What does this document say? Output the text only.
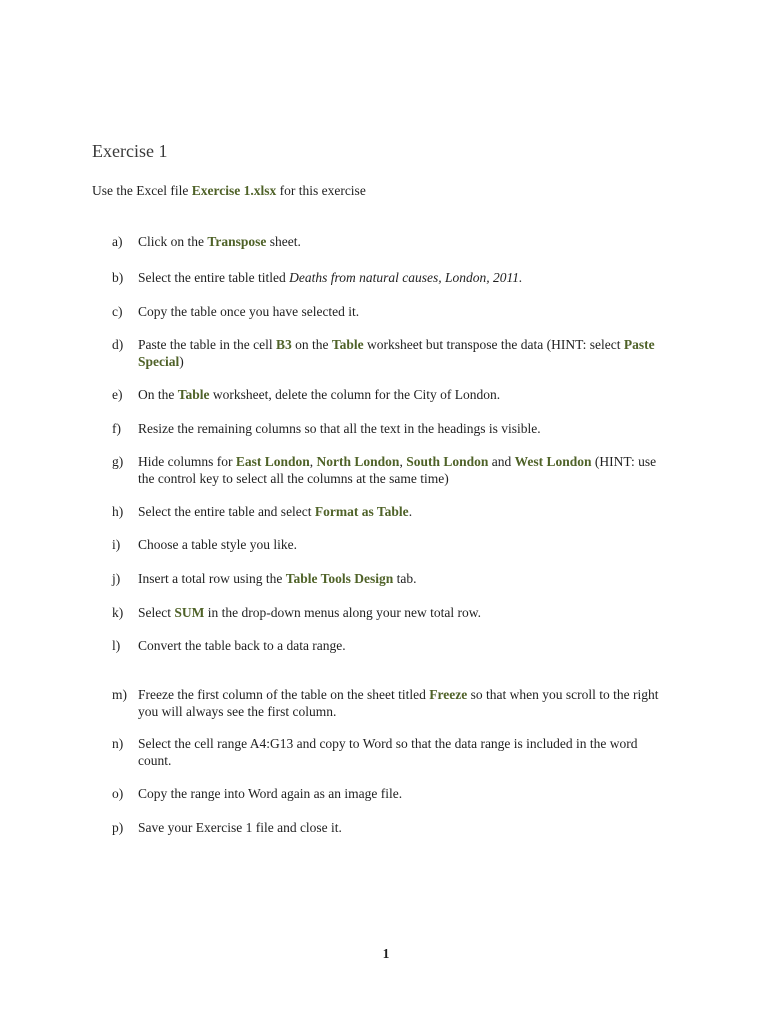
Exercise 1

Use the Excel file Exercise 1.xlsx for this exercise

a)	Click on the Transpose sheet.
b)	Select the entire table titled Deaths from natural causes, London, 2011.
c)	Copy the table once you have selected it.
d)	Paste the table in the cell B3 on the Table worksheet but transpose the data (HINT: select Paste Special)
e)	On the Table worksheet, delete the column for the City of London.
f)	Resize the remaining columns so that all the text in the headings is visible.
g)	Hide columns for East London, North London, South London and West London (HINT: use the control key to select all the columns at the same time)
h)	Select the entire table and select Format as Table.
i)	Choose a table style you like.
j)	Insert a total row using the Table Tools Design tab.
k)	Select SUM in the drop-down menus along your new total row.
l)	Convert the table back to a data range.
m) Freeze the first column of the table on the sheet titled Freeze so that when you scroll to the right you will always see the first column.
n)	Select the cell range A4:G13 and copy to Word so that the data range is included in the word count.
o)	Copy the range into Word again as an image file.
p)	Save your Exercise 1 file and close it.
1
